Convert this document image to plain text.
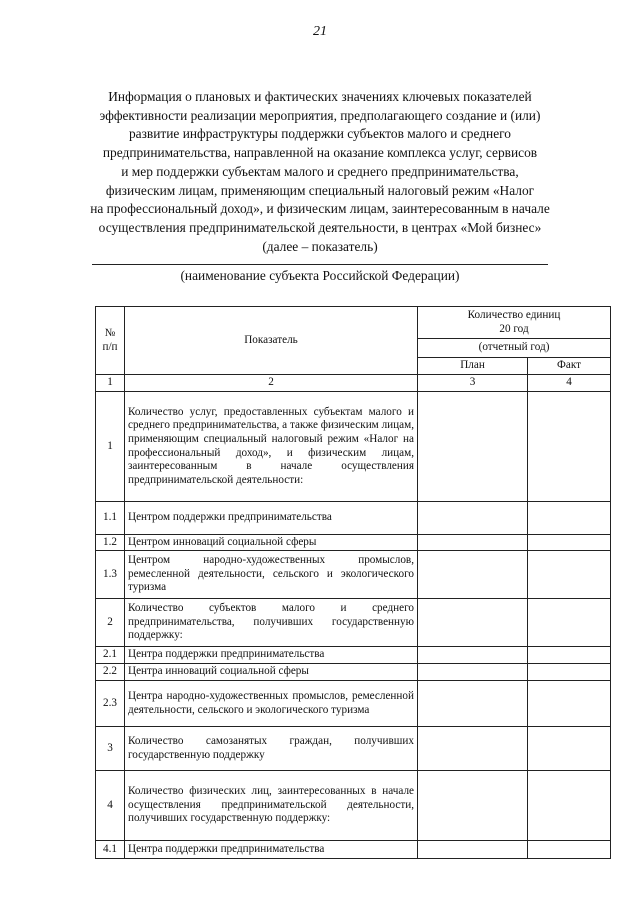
21
Информация о плановых и фактических значениях ключевых показателей
эффективности реализации мероприятия, предполагающего создание и (или)
развитие инфраструктуры поддержки субъектов малого и среднего
предпринимательства, направленной на оказание комплекса услуг, сервисов
и мер поддержки субъектам малого и среднего предпринимательства,
физическим лицам, применяющим специальный налоговый режим «Налог
на профессиональный доход», и физическим лицам, заинтересованным в начале
осуществления предпринимательской деятельности, в центрах «Мой бизнес»
(далее – показатель)
(наименование субъекта Российской Федерации)
№ п/п	Показатель	Количество единиц
20 год	

		(отчетный год)	
		План	Факт
1	2	3	4
1	Количество услуг, предоставленных субъектам малого и среднего предпринимательства, а также физическим лицам, применяющим специальный налоговый режим «Налог на профессиональный доход», и физическим лицам, заинтересованным в начале осуществления предпринимательской деятельности:		
1.1	Центром поддержки предпринимательства		
1.2	Центром инноваций социальной сферы		
1.3	Центром народно-художественных промыслов, ремесленной деятельности, сельского и экологического туризма		
2	Количество субъектов малого и среднего предпринимательства, получивших государственную поддержку:		
2.1	Центра поддержки предпринимательства		
2.2	Центра инноваций социальной сферы		
2.3	Центра народно-художественных промыслов, ремесленной деятельности, сельского и экологического туризма		
3	Количество самозанятых граждан, получивших государственную поддержку		
4	Количество физических лиц, заинтересованных в начале осуществления предпринимательской деятельности, получивших государственную поддержку:		
4.1	Центра поддержки предпринимательства		
